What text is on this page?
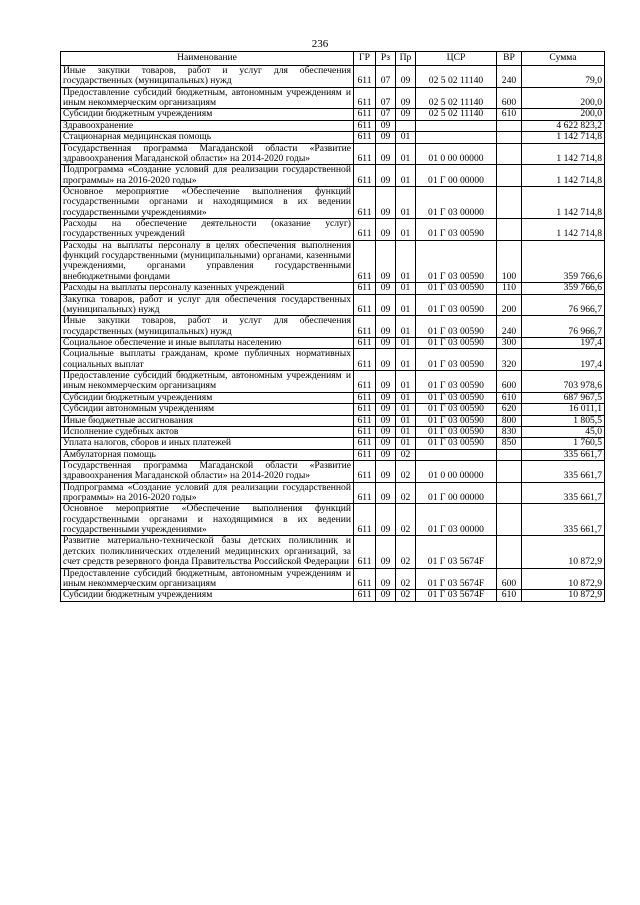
236
Наименование	ГР	Рз	Пр	ЦСР	ВР	Сумма
Иные закупки товаров, работ и услуг для обеспечения государственных (муниципальных) нужд	611	07	09	02 5 02 11140	240	79,0
Предоставление субсидий бюджетным, автономным учреждениям и иным некоммерческим организациям	611	07	09	02 5 02 11140	600	200,0
Субсидии бюджетным учреждениям	611	07	09	02 5 02 11140	610	200,0
Здравоохранение	611	09				4 622 823,2
Стационарная медицинская помощь	611	09	01			1 142 714,8
Государственная программа Магаданской области «Развитие здравоохранения Магаданской области» на 2014-2020 годы»	611	09	01	01 0 00 00000		1 142 714,8
Подпрограмма «Создание условий для реализации государственной программы» на 2016-2020 годы»	611	09	01	01 Г 00 00000		1 142 714,8
Основное мероприятие «Обеспечение выполнения функций государственными органами и находящимися в их ведении государственными учреждениями»	611	09	01	01 Г 03 00000		1 142 714,8
Расходы на обеспечение деятельности (оказание услуг) государственных учреждений	611	09	01	01 Г 03 00590		1 142 714,8
Расходы на выплаты персоналу в целях обеспечения выполнения функций государственными (муниципальными) органами, казенными учреждениями, органами управления государственными внебюджетными фондами	611	09	01	01 Г 03 00590	100	359 766,6
Расходы на выплаты персоналу казенных учреждений	611	09	01	01 Г 03 00590	110	359 766,6
Закупка товаров, работ и услуг для обеспечения государственных (муниципальных) нужд	611	09	01	01 Г 03 00590	200	76 966,7
Иные закупки товаров, работ и услуг для обеспечения государственных (муниципальных) нужд	611	09	01	01 Г 03 00590	240	76 966,7
Социальное обеспечение и иные выплаты населению	611	09	01	01 Г 03 00590	300	197,4
Социальные выплаты гражданам, кроме публичных нормативных социальных выплат	611	09	01	01 Г 03 00590	320	197,4
Предоставление субсидий бюджетным, автономным учреждениям и иным некоммерческим организациям	611	09	01	01 Г 03 00590	600	703 978,6
Субсидии бюджетным учреждениям	611	09	01	01 Г 03 00590	610	687 967,5
Субсидии автономным учреждениям	611	09	01	01 Г 03 00590	620	16 011,1
Иные бюджетные ассигнования	611	09	01	01 Г 03 00590	800	1 805,5
Исполнение судебных актов	611	09	01	01 Г 03 00590	830	45,0
Уплата налогов, сборов и иных платежей	611	09	01	01 Г 03 00590	850	1 760,5
Амбулаторная помощь	611	09	02			335 661,7
Государственная программа Магаданской области «Развитие здравоохранения Магаданской области» на 2014-2020 годы»	611	09	02	01 0 00 00000		335 661,7
Подпрограмма «Создание условий для реализации государственной программы» на 2016-2020 годы»	611	09	02	01 Г 00 00000		335 661,7
Основное мероприятие «Обеспечение выполнения функций государственными органами и находящимися в их ведении государственными учреждениями»	611	09	02	01 Г 03 00000		335 661,7
Развитие материально-технической базы детских поликлиник и детских поликлинических отделений медицинских организаций, за счет средств резервного фонда Правительства Российской Федерации	611	09	02	01 Г 03 5674F		10 872,9
Предоставление субсидий бюджетным, автономным учреждениям и иным некоммерческим организациям	611	09	02	01 Г 03 5674F	600	10 872,9
Субсидии бюджетным учреждениям	611	09	02	01 Г 03 5674F	610	10 872,9
